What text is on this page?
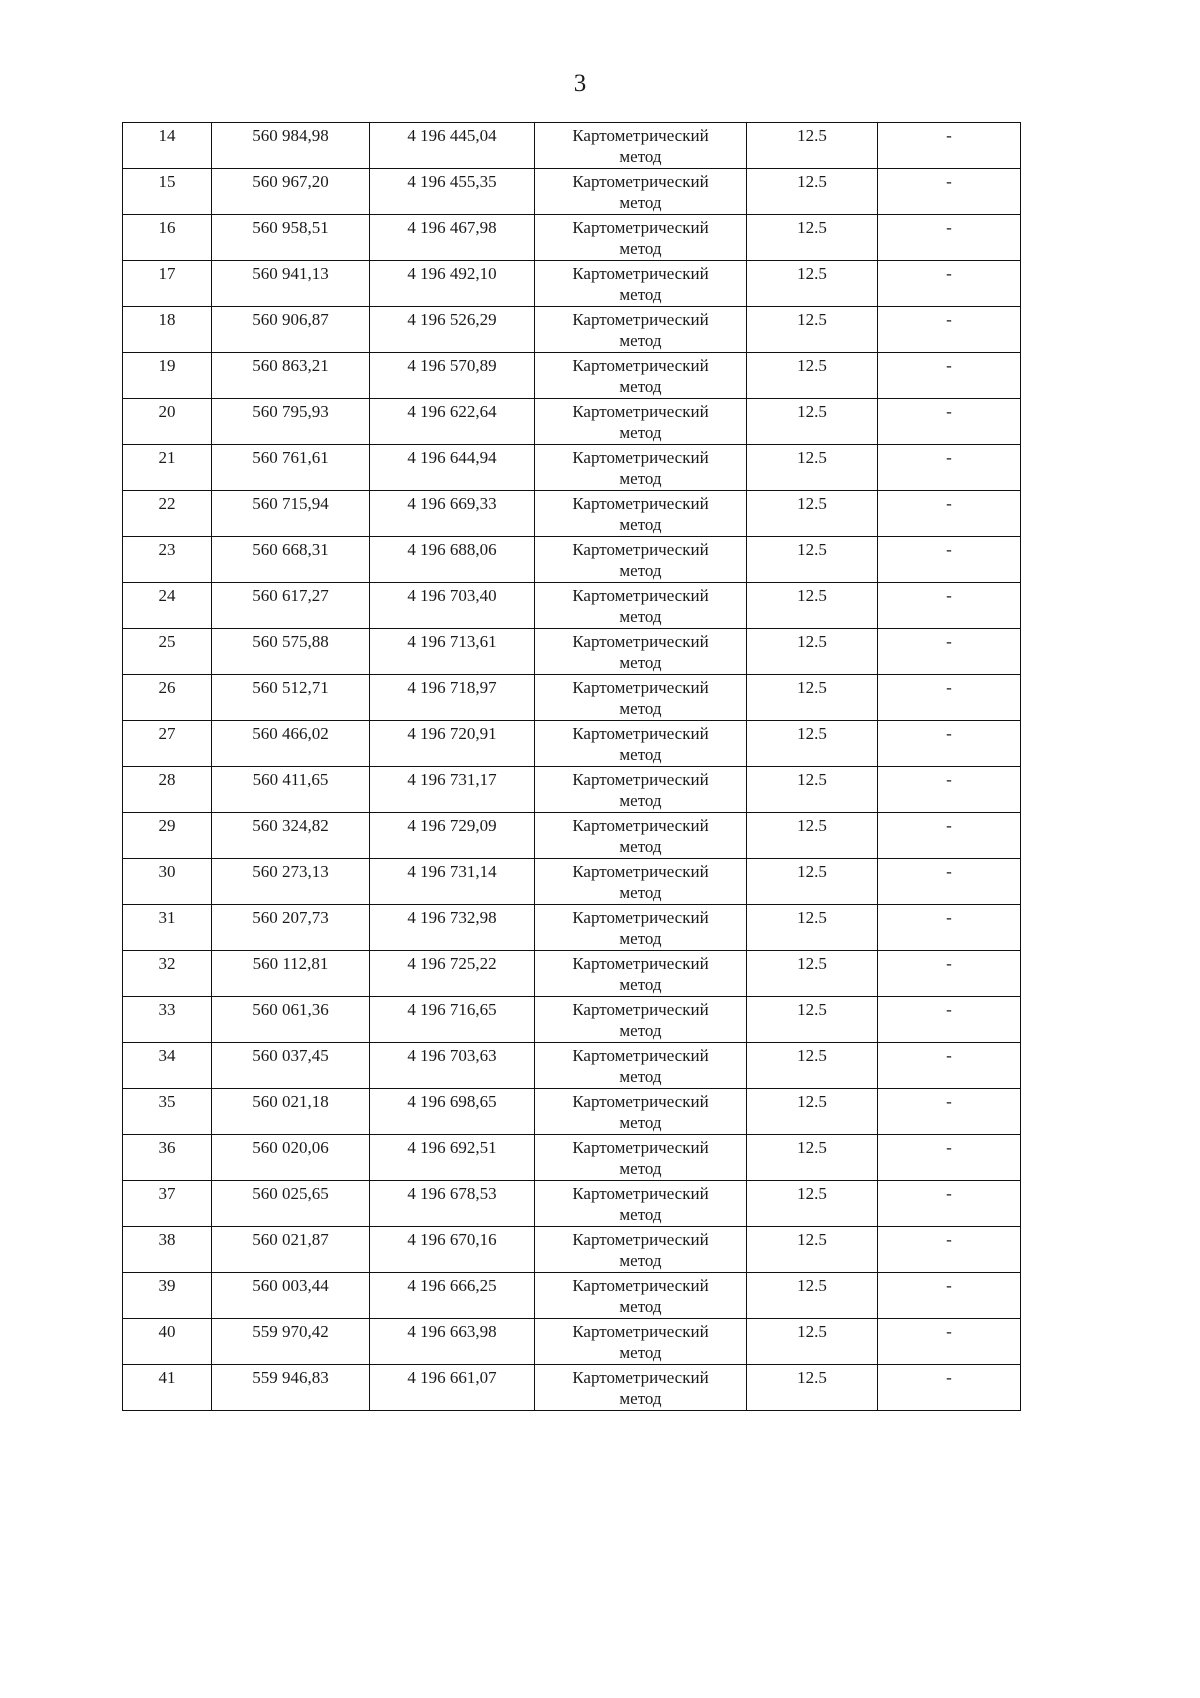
3
14	560 984,98	4 196 445,04	Картометрический метод	12.5	-
15	560 967,20	4 196 455,35	Картометрический метод	12.5	-
16	560 958,51	4 196 467,98	Картометрический метод	12.5	-
17	560 941,13	4 196 492,10	Картометрический метод	12.5	-
18	560 906,87	4 196 526,29	Картометрический метод	12.5	-
19	560 863,21	4 196 570,89	Картометрический метод	12.5	-
20	560 795,93	4 196 622,64	Картометрический метод	12.5	-
21	560 761,61	4 196 644,94	Картометрический метод	12.5	-
22	560 715,94	4 196 669,33	Картометрический метод	12.5	-
23	560 668,31	4 196 688,06	Картометрический метод	12.5	-
24	560 617,27	4 196 703,40	Картометрический метод	12.5	-
25	560 575,88	4 196 713,61	Картометрический метод	12.5	-
26	560 512,71	4 196 718,97	Картометрический метод	12.5	-
27	560 466,02	4 196 720,91	Картометрический метод	12.5	-
28	560 411,65	4 196 731,17	Картометрический метод	12.5	-
29	560 324,82	4 196 729,09	Картометрический метод	12.5	-
30	560 273,13	4 196 731,14	Картометрический метод	12.5	-
31	560 207,73	4 196 732,98	Картометрический метод	12.5	-
32	560 112,81	4 196 725,22	Картометрический метод	12.5	-
33	560 061,36	4 196 716,65	Картометрический метод	12.5	-
34	560 037,45	4 196 703,63	Картометрический метод	12.5	-
35	560 021,18	4 196 698,65	Картометрический метод	12.5	-
36	560 020,06	4 196 692,51	Картометрический метод	12.5	-
37	560 025,65	4 196 678,53	Картометрический метод	12.5	-
38	560 021,87	4 196 670,16	Картометрический метод	12.5	-
39	560 003,44	4 196 666,25	Картометрический метод	12.5	-
40	559 970,42	4 196 663,98	Картометрический метод	12.5	-
41	559 946,83	4 196 661,07	Картометрический метод	12.5	-
